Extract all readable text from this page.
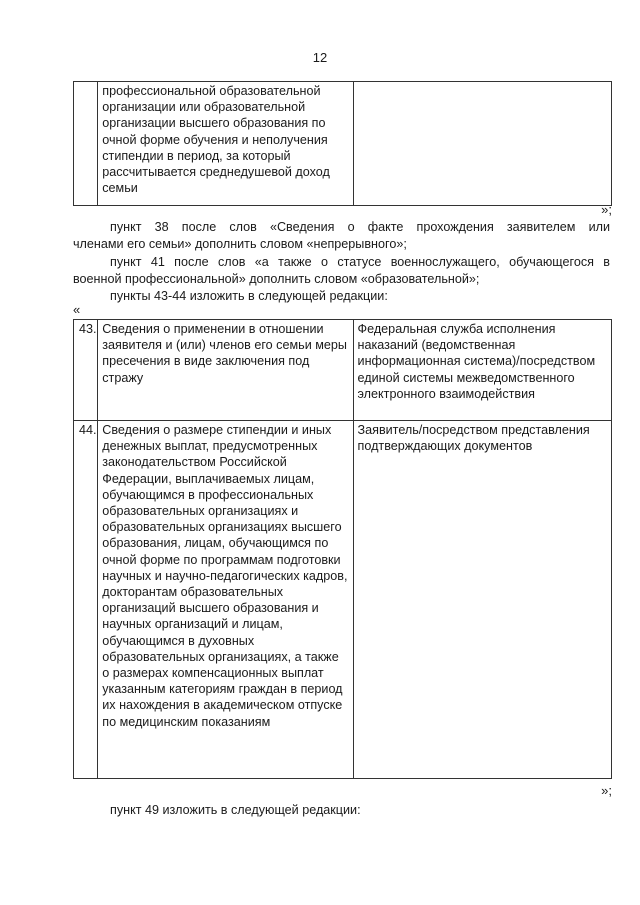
12
	профессиональной образовательной организации или образовательной организации высшего образования по очной форме обучения и неполучения стипендии в период, за который рассчитывается среднедушевой доход семьи	
»;
пункт 38 после слов «Сведения о факте прохождения заявителем или
членами его семьи» дополнить словом «непрерывного»;
пункт 41 после слов «а также о статусе военнослужащего, обучающегося в
военной профессиональной» дополнить словом «образовательной»;
пункты 43-44 изложить в следующей редакции:
«
43.	Сведения о применении в отношении заявителя и (или) членов его семьи меры пресечения в виде заключения под стражу	Федеральная служба исполнения наказаний (ведомственная информационная система)/посредством единой системы межведомственного электронного взаимодействия
44.	Сведения о размере стипендии и иных денежных выплат, предусмотренных законодательством Российской Федерации, выплачиваемых лицам, обучающимся в профессиональных образовательных организациях и образовательных организациях высшего образования, лицам, обучающимся по очной форме по программам подготовки научных и научно-педагогических кадров, докторантам образовательных организаций высшего образования и научных организаций и лицам, обучающимся в духовных образовательных организациях, а также о размерах компенсационных выплат указанным категориям граждан в период их нахождения в академическом отпуске по медицинским показаниям	Заявитель/посредством представления подтверждающих документов
»;
пункт 49 изложить в следующей редакции:
